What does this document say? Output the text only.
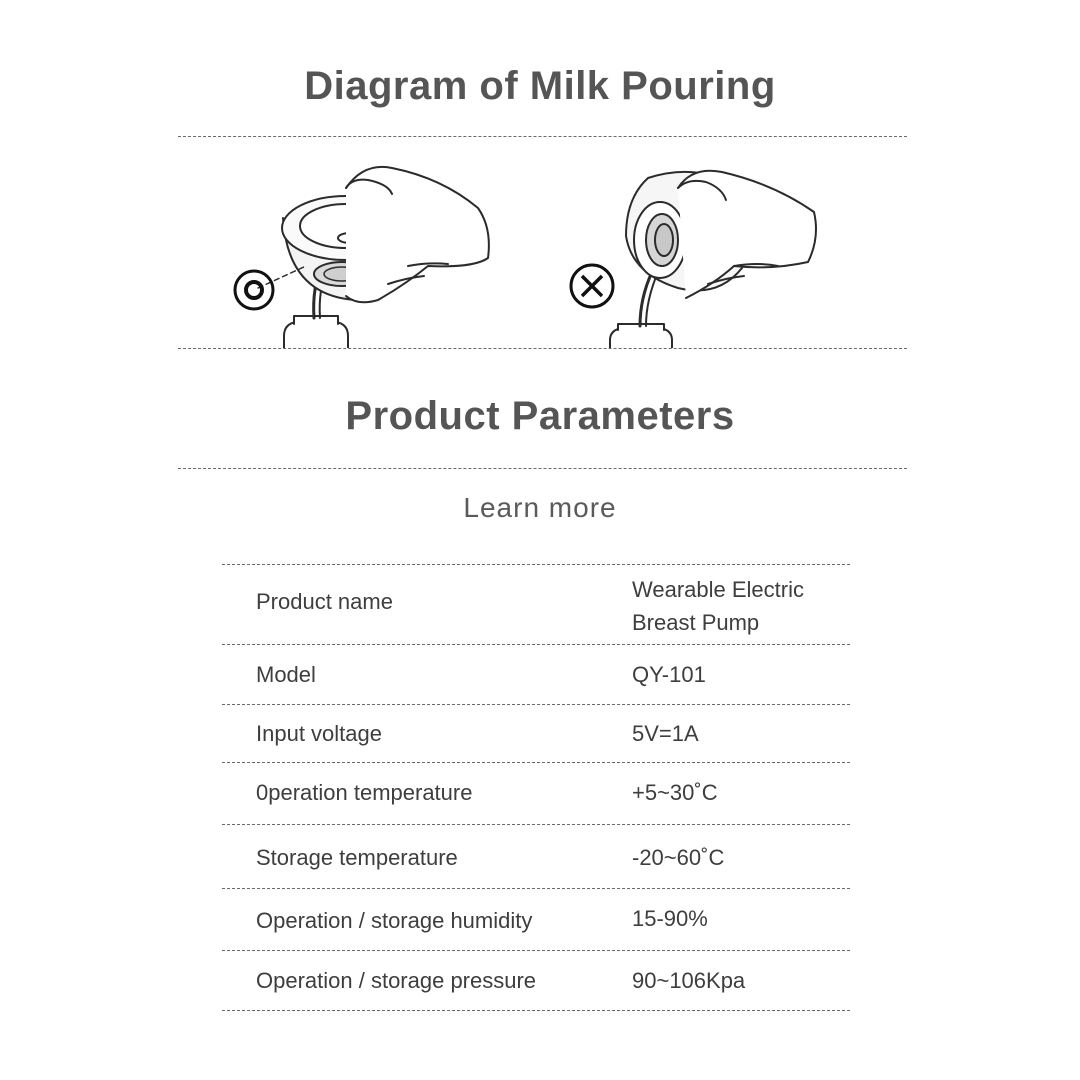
Diagram of Milk Pouring
Product Parameters
Learn more
Product name	Wearable Electric
Breast Pump
Model	QY-101
Input voltage	5V=1A
0peration temperature	+5~30˚C
Storage temperature	-20~60˚C
Operation / storage humidity	15-90%
Operation / storage pressure	90~106Kpa
